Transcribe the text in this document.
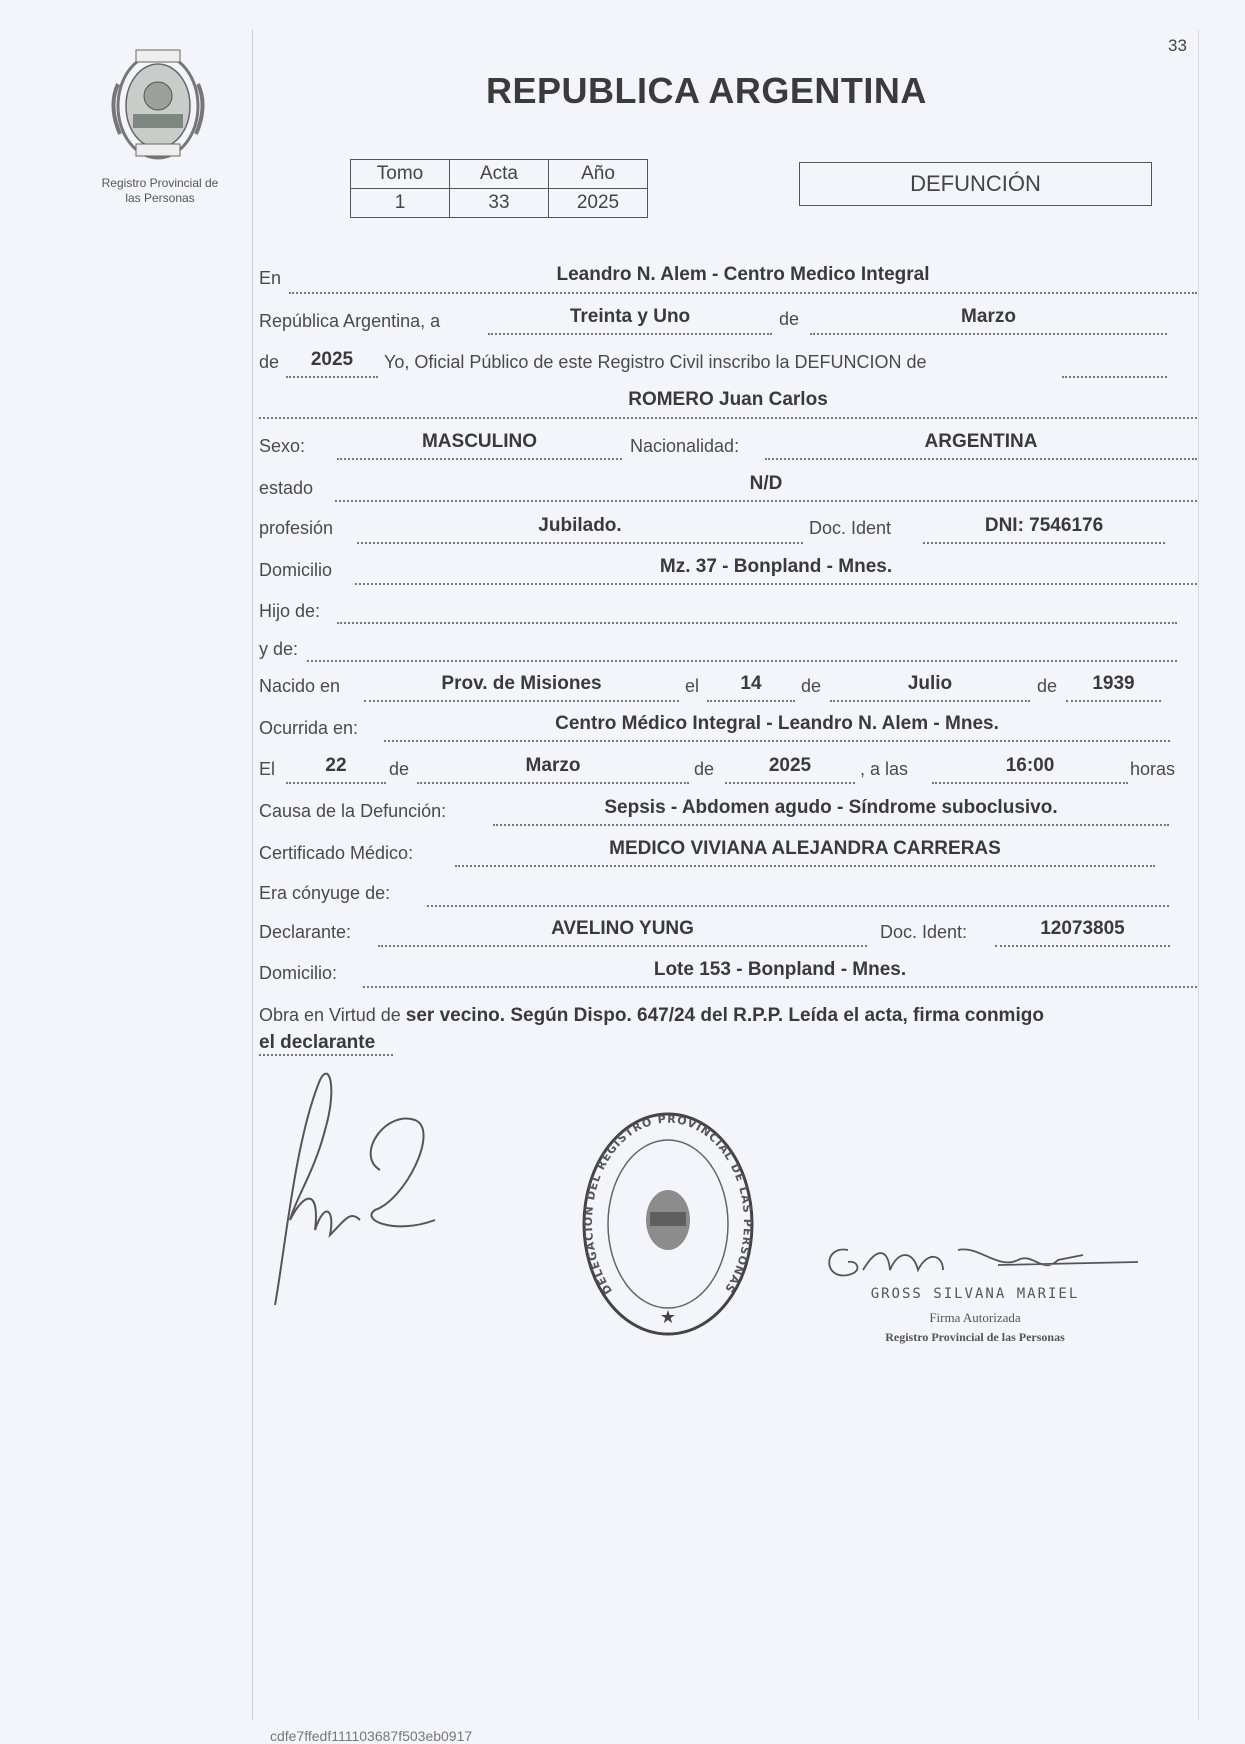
33
Registro Provincial de
las Personas
REPUBLICA ARGENTINA
Tomo	Acta	Año
1	33	2025
DEFUNCIÓN
En	Leandro N. Alem - Centro Medico Integral
República Argentina, a	Treinta y Uno	de	Marzo
de	2025	Yo, Oficial Público de este Registro Civil inscribo la DEFUNCION de
ROMERO Juan Carlos
Sexo:	MASCULINO	Nacionalidad:	ARGENTINA
estado	N/D
profesión	Jubilado.	Doc. Ident	DNI: 7546176
Domicilio	Mz. 37 - Bonpland - Mnes.
Hijo de:
y de:
Nacido en	Prov. de Misiones	el	14	de	Julio	de	1939
Ocurrida en:	Centro Médico Integral - Leandro N. Alem - Mnes.
El	22	de	Marzo	de	2025	, a las	16:00	horas
Causa de la Defunción:	Sepsis - Abdomen agudo - Síndrome suboclusivo.
Certificado Médico:	MEDICO VIVIANA ALEJANDRA CARRERAS
Era cónyuge de:
Declarante:	AVELINO YUNG	Doc. Ident:	12073805
Domicilio:	Lote 153 - Bonpland - Mnes.
Obra en Virtud de ser vecino. Según Dispo. 647/24 del R.P.P. Leída el acta, firma conmigo
el declarante
★
DELEGACION DEL REGISTRO PROVINCIAL DE LAS PERSONAS	GROSS SILVANA MARIEL
Firma Autorizada
Registro Provincial de las Personas
cdfe7ffedf111103687f503eb0917
